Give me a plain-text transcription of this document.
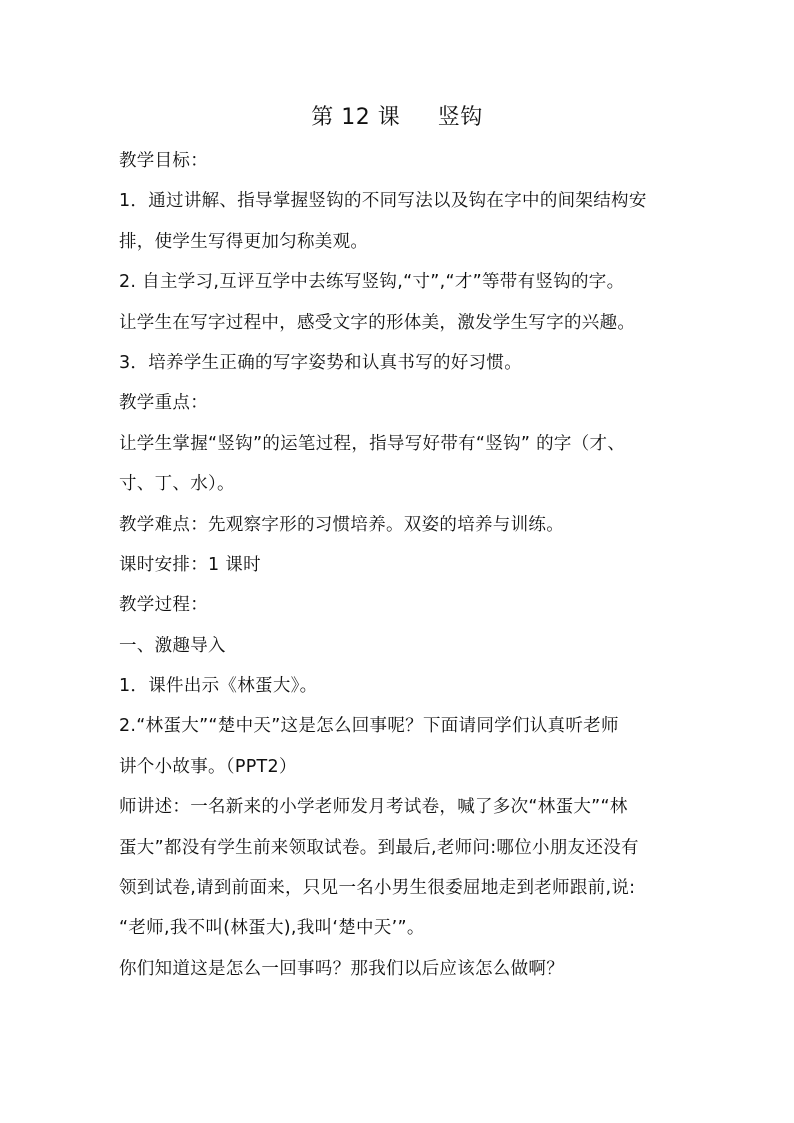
第 12 课     竖钩
教学目标：
1．通过讲解、指导掌握竖钩的不同写法以及钩在字中的间架结构安
排，使学生写得更加匀称美观。
2. 自主学习,互评互学中去练写竖钩,“寸”,“才”等带有竖钩的字。
让学生在写字过程中，感受文字的形体美，激发学生写字的兴趣。
3．培养学生正确的写字姿势和认真书写的好习惯。
教学重点：
让学生掌握“竖钩”的运笔过程，指导写好带有“竖钩” 的字（才、
寸、丁、水）。
教学难点：先观察字形的习惯培养。双姿的培养与训练。
课时安排：1 课时
教学过程：
一、激趣导入
1．课件出示《林蛋大》。
2.“林蛋大”“楚中天”这是怎么回事呢？下面请同学们认真听老师
讲个小故事。（PPT2）
师讲述：一名新来的小学老师发月考试卷，喊了多次“林蛋大”“林
蛋大”都没有学生前来领取试卷。到最后,老师问:哪位小朋友还没有
领到试卷,请到前面来，只见一名小男生很委屈地走到老师跟前,说:
“老师,我不叫(林蛋大),我叫‘楚中天’”。
你们知道这是怎么一回事吗？那我们以后应该怎么做啊？
